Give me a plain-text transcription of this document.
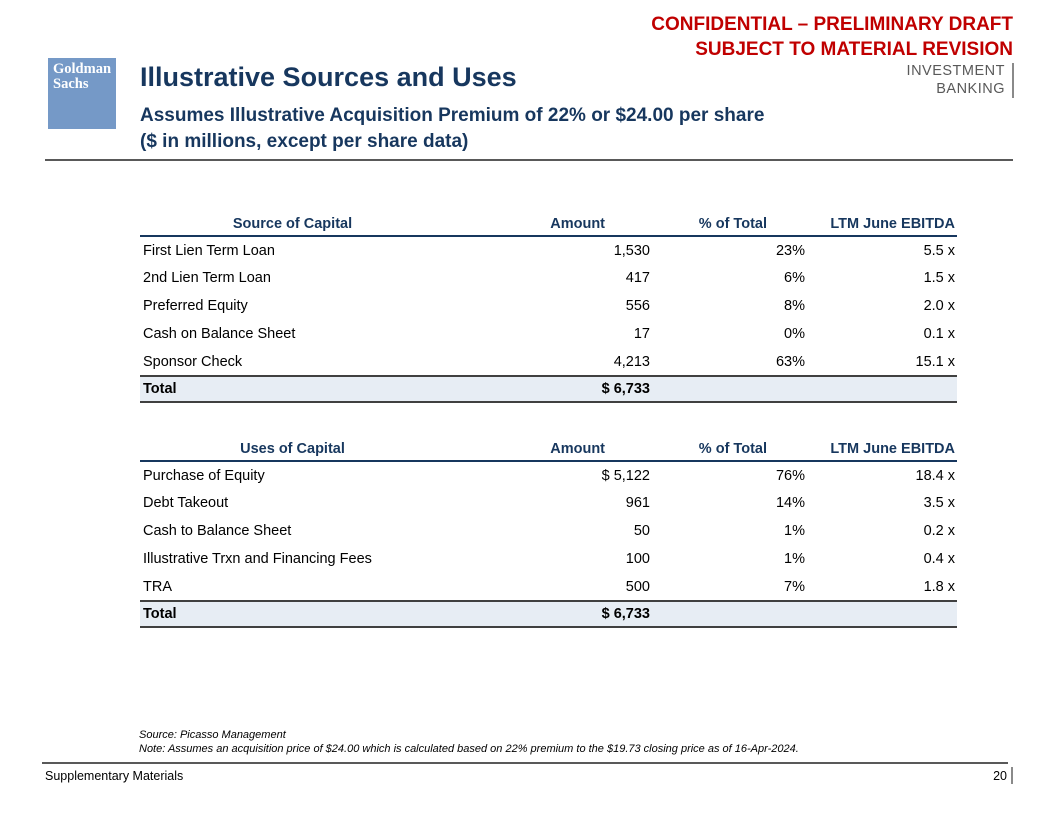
CONFIDENTIAL – PRELIMINARY DRAFT
SUBJECT TO MATERIAL REVISION
INVESTMENT
BANKING
Goldman
Sachs	Illustrative Sources and Uses
Assumes Illustrative Acquisition Premium of 22% or $24.00 per share
($ in millions, except per share data)
Source of Capital	Amount	% of Total	LTM June EBITDA
First Lien Term Loan	1,530	23%	5.5 x
2nd Lien Term Loan	417	6%	1.5 x
Preferred Equity	556	8%	2.0 x
Cash on Balance Sheet	17	0%	0.1 x
Sponsor Check	4,213	63%	15.1 x
Total	$ 6,733		
Uses of Capital	Amount	% of Total	LTM June EBITDA
Purchase of Equity	$ 5,122	76%	18.4 x
Debt Takeout	961	14%	3.5 x
Cash to Balance Sheet	50	1%	0.2 x
Illustrative Trxn and Financing Fees	100	1%	0.4 x
TRA	500	7%	1.8 x
Total	$ 6,733		
Source: Picasso Management
Note: Assumes an acquisition price of $24.00 which is calculated based on 22% premium to the $19.73 closing price as of 16-Apr-2024.
Supplementary Materials	20
